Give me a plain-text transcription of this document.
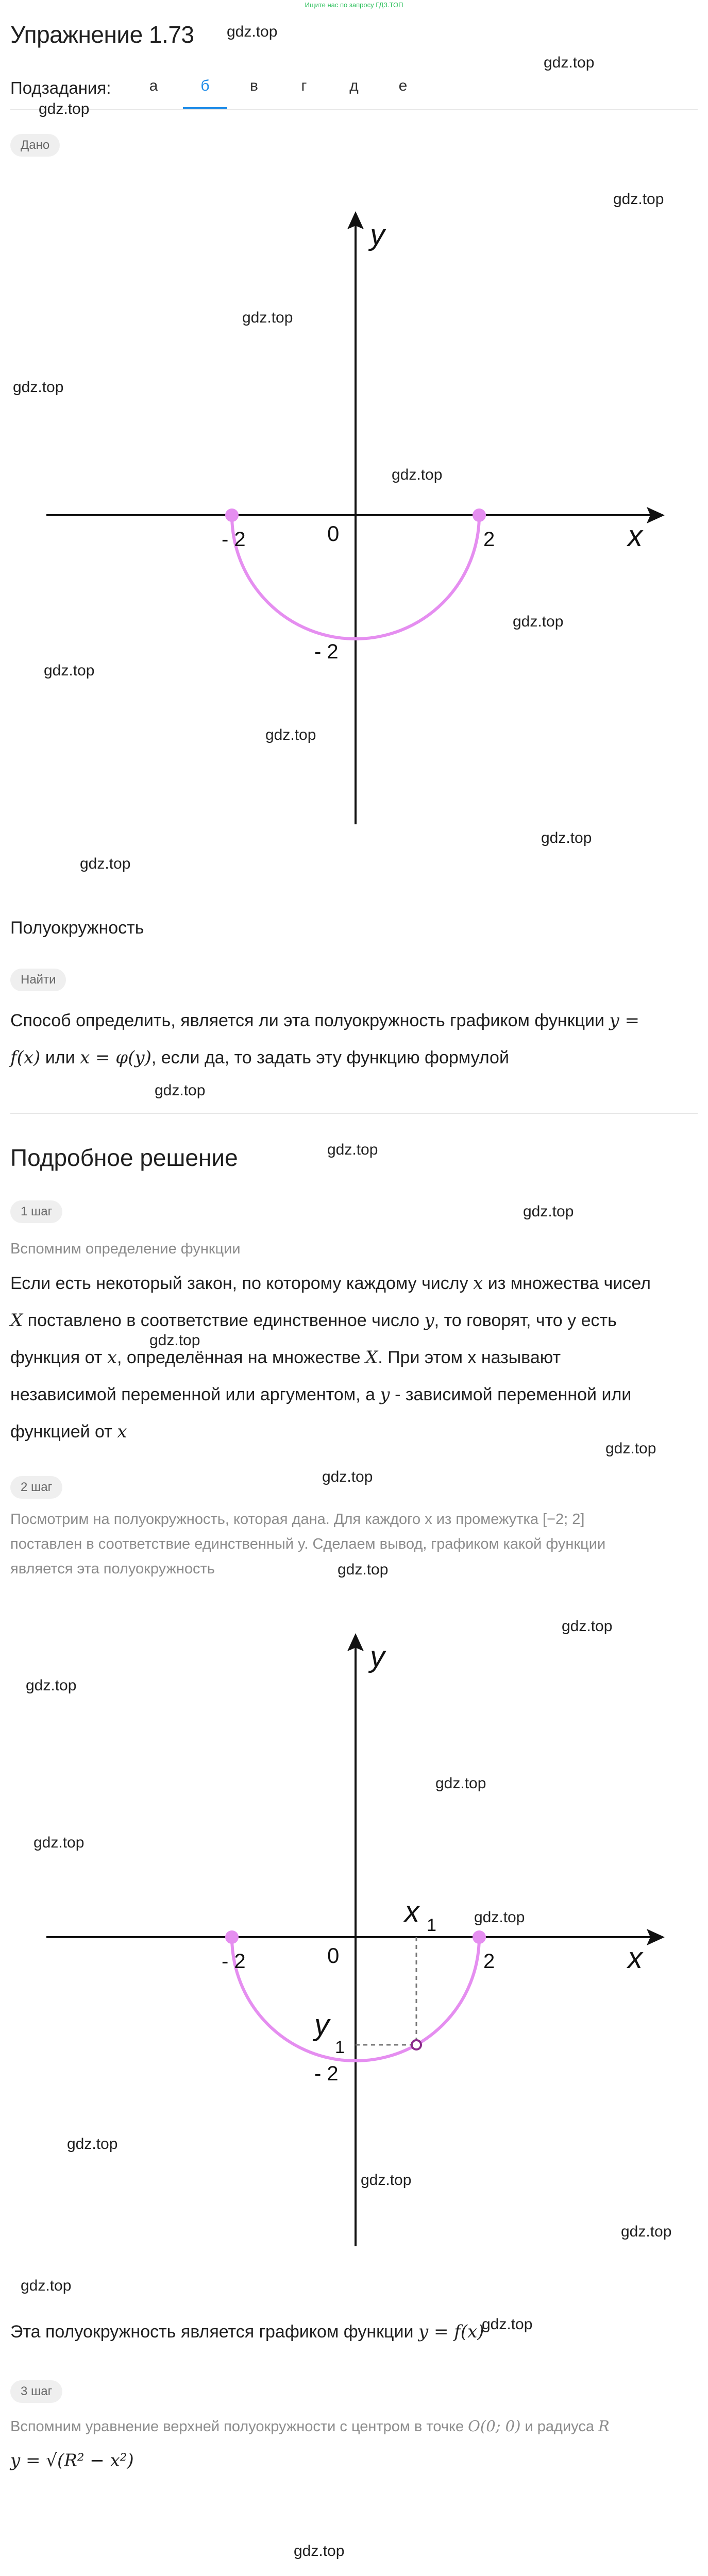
Ищите нас по запросу ГДЗ.ТОП
Упражнение 1.73
Подзадания:	а	б	в	г	д	е
gdz.top
gdz.top
gdz.top
gdz.top
gdz.top
gdz.top
gdz.top
gdz.top
gdz.top
gdz.top
gdz.top
gdz.top
gdz.top
gdz.top
gdz.top
gdz.top
gdz.top
gdz.top
gdz.top
gdz.top
gdz.top
gdz.top
gdz.top
gdz.top
gdz.top
gdz.top
gdz.top
gdz.top
gdz.top
gdz.top
Дано
y
x
0
- 2	2
- 2
Полуокружность
Найти
Способ определить, является ли эта полуокружность графиком функции y =
f(x) или x = φ(y), если да, то задать эту функцию формулой
Подробное решение
1 шаг
Вспомним определение функции
Если есть некоторый закон, по которому каждому числу x из множества чисел
X поставлено в соответствие единственное число y, то говорят, что y есть
функция от x, определённая на множестве X. При этом x называют
независимой переменной или аргументом, а y - зависимой переменной или
функцией от x
2 шаг
Посмотрим на полуокружность, которая дана. Для каждого x из промежутка [−2; 2]
поставлен в соответствие единственный y. Сделаем вывод, графиком какой функции
является эта полуокружность
y
x
0
- 2	2
- 2
x 1
y
1
Эта полуокружность является графиком функции y = f(x)
3 шаг
Вспомним уравнение верхней полуокружности с центром в точке O(0; 0) и радиуса R
y = √(R² − x²)
